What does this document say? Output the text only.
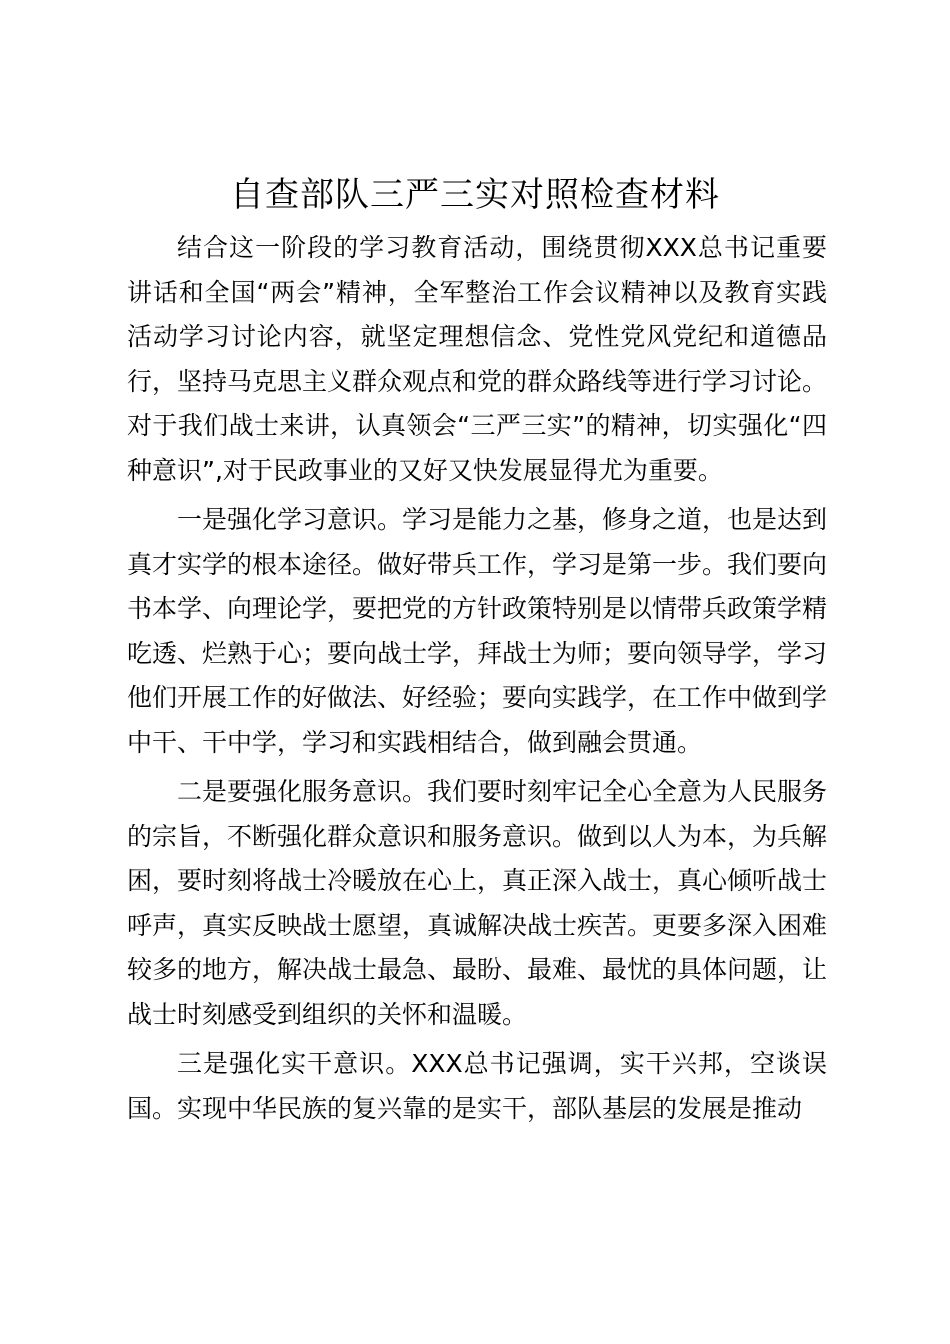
自查部队三严三实对照检查材料

结合这一阶段的学习教育活动，围绕贯彻XXX总书记重要讲话和全国“两会”精神，全军整治工作会议精神以及教育实践活动学习讨论内容，就坚定理想信念、党性党风党纪和道德品行，坚持马克思主义群众观点和党的群众路线等进行学习讨论。对于我们战士来讲，认真领会“三严三实”的精神，切实强化“四种意识”,对于民政事业的又好又快发展显得尤为重要。

一是强化学习意识。学习是能力之基，修身之道，也是达到真才实学的根本途径。做好带兵工作，学习是第一步。我们要向书本学、向理论学，要把党的方针政策特别是以情带兵政策学精吃透、烂熟于心；要向战士学，拜战士为师；要向领导学，学习他们开展工作的好做法、好经验；要向实践学，在工作中做到学中干、干中学，学习和实践相结合，做到融会贯通。

二是要强化服务意识。我们要时刻牢记全心全意为人民服务的宗旨，不断强化群众意识和服务意识。做到以人为本，为兵解困，要时刻将战士冷暖放在心上，真正深入战士，真心倾听战士呼声，真实反映战士愿望，真诚解决战士疾苦。更要多深入困难较多的地方，解决战士最急、最盼、最难、最忧的具体问题，让战士时刻感受到组织的关怀和温暖。

三是强化实干意识。XXX总书记强调，实干兴邦，空谈误国。实现中华民族的复兴靠的是实干，部队基层的发展是推动
